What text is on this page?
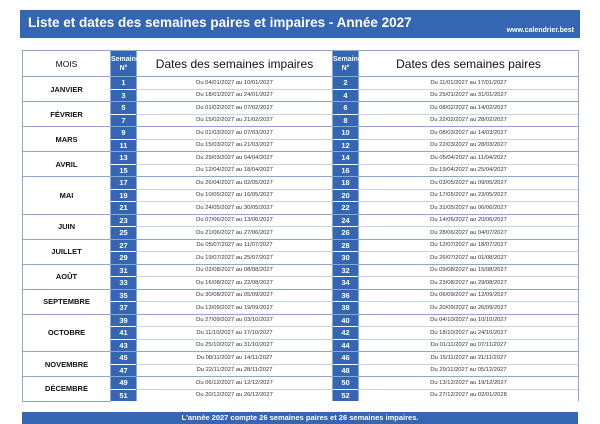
Liste et dates des semaines paires et impaires - Année 2027
www.calendrier.best
MOIS	Semaine
N°	Dates des semaines impaires	Semaine
N°	Dates des semaines paires
JANVIER	1	Du 04/01/2027 au 10/01/2027	2	Du 11/01/2027 au 17/01/2027
	3	Du 18/01/2027 au 24/01/2027	4	Du 25/01/2027 au 31/01/2027
FÉVRIER	5	Du 01/02/2027 au 07/02/2027	6	Du 08/02/2027 au 14/02/2027
	7	Du 15/02/2027 au 21/02/2027	8	Du 22/02/2027 au 28/02/2027
MARS	9	Du 01/03/2027 au 07/03/2027	10	Du 08/03/2027 au 14/03/2027
	11	Du 15/03/2027 au 21/03/2027	12	Du 22/03/2027 au 28/03/2027
AVRIL	13	Du 29/03/2027 au 04/04/2027	14	Du 05/04/2027 au 11/04/2027
	15	Du 12/04/2027 au 18/04/2027	16	Du 19/04/2027 au 25/04/2027
MAI	17	Du 26/04/2027 au 02/05/2027	18	Du 03/05/2027 au 09/05/2027
	19	Du 10/05/2027 au 16/05/2027	20	Du 17/05/2027 au 23/05/2027
	21	Du 24/05/2027 au 30/05/2027	22	Du 31/05/2027 au 06/06/2027
JUIN	23	Du 07/06/2027 au 13/06/2027	24	Du 14/06/2027 au 20/06/2027
	25	Du 21/06/2027 au 27/06/2027	26	Du 28/06/2027 au 04/07/2027
JUILLET	27	Du 05/07/2027 au 11/07/2027	28	Du 12/07/2027 au 18/07/2027
	29	Du 19/07/2027 au 25/07/2027	30	Du 26/07/2027 au 01/08/2027
AOÛT	31	Du 02/08/2027 au 08/08/2027	32	Du 09/08/2027 au 15/08/2027
	33	Du 16/08/2027 au 22/08/2027	34	Du 23/08/2027 au 29/08/2027
SEPTEMBRE	35	Du 30/08/2027 au 05/09/2027	36	Du 06/09/2027 au 12/09/2027
	37	Du 13/09/2027 au 19/09/2027	38	Du 20/09/2027 au 26/09/2027
OCTOBRE	39	Du 27/09/2027 au 03/10/2027	40	Du 04/10/2027 au 10/10/2027
	41	Du 11/10/2027 au 17/10/2027	42	Du 18/10/2027 au 24/10/2027
	43	Du 25/10/2027 au 31/10/2027	44	Du 01/11/2027 au 07/11/2027
NOVEMBRE	45	Du 08/11/2027 au 14/11/2027	46	Du 15/11/2027 au 21/11/2027
	47	Du 22/11/2027 au 28/11/2027	48	Du 29/11/2027 au 05/12/2027
DÉCEMBRE	49	Du 06/12/2027 au 12/12/2027	50	Du 13/12/2027 au 19/12/2027
	51	Du 20/12/2027 au 26/12/2027	52	Du 27/12/2027 au 02/01/2028
L'année 2027 compte 26 semaines paires et 26 semaines impaires.
